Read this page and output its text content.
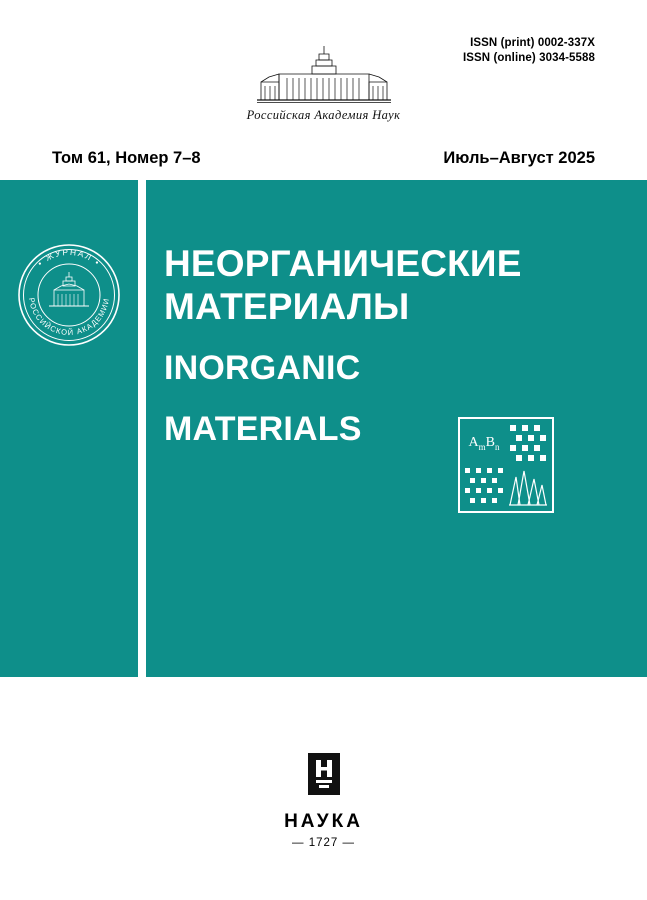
ISSN (print) 0002-337X
ISSN (online) 3034-5588
Российская Академия Наук
Том 61, Номер 7–8	Июль–Август 2025
• ЖУРНАЛ •
РОССИЙСКОЙ АКАДЕМИИ
НЕОРГАНИЧЕСКИЕ
МАТЕРИАЛЫ
INORGANIC
MATERIALS	$A_mB_n$
НАУКА
— 1727 —
